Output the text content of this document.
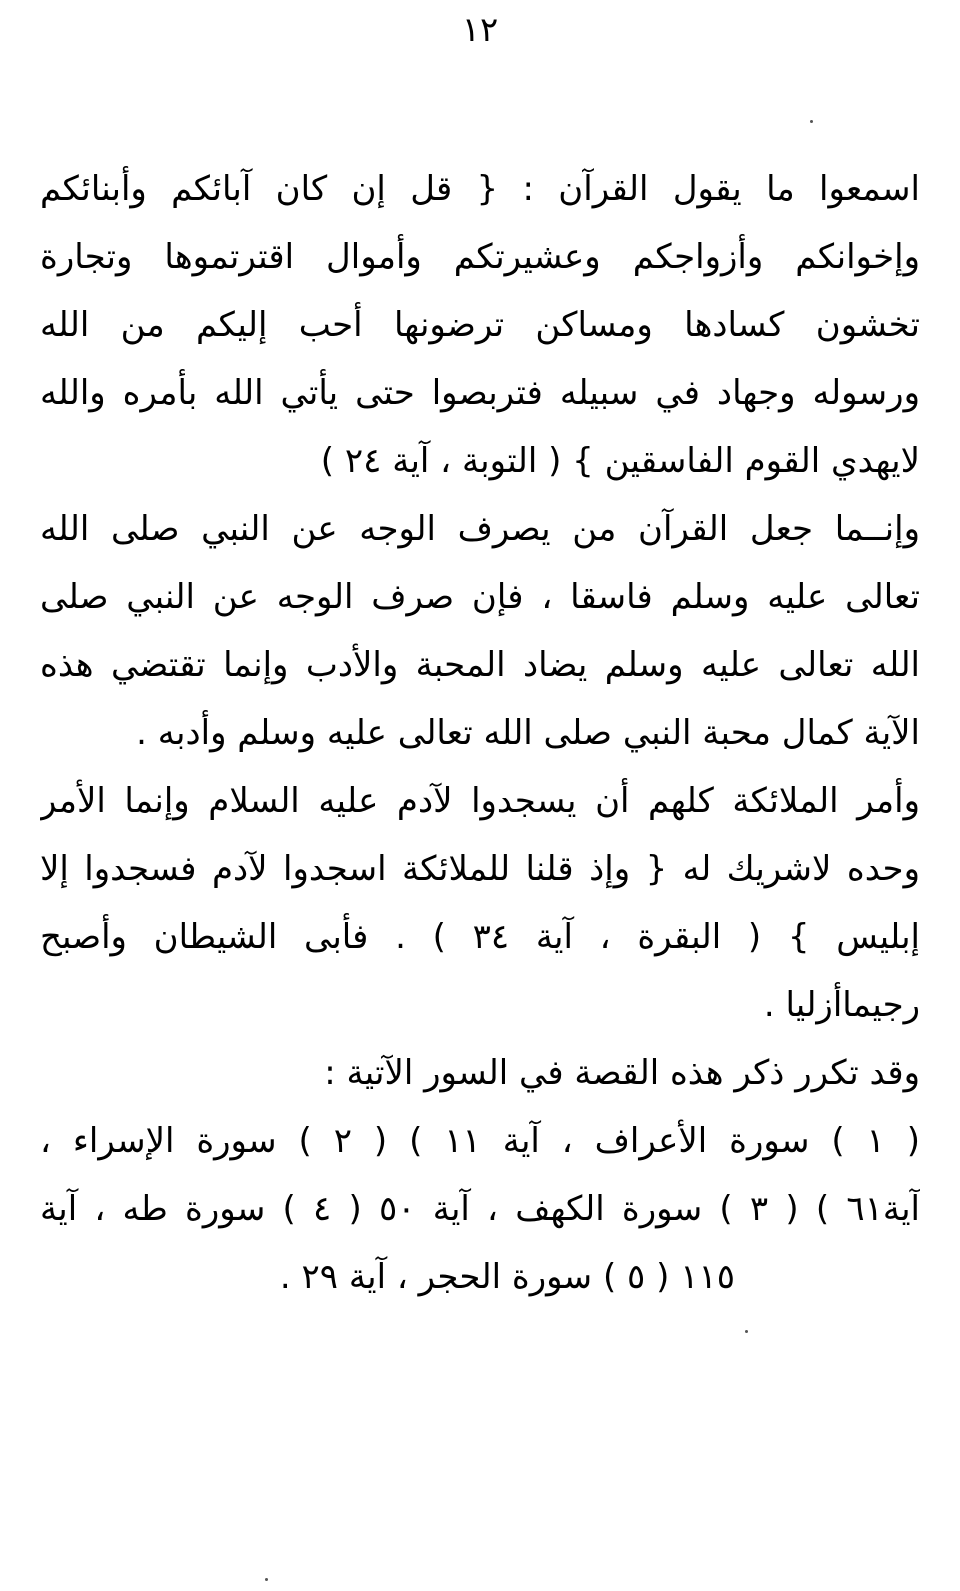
١٢
اسمعوا ما يقول القرآن : { قل إن كان آبائكم وأبنائكم
وإخوانكم وأزواجكم وعشيرتكم وأموال اقترتموها وتجارة
تخشون كسادها ومساكن ترضونها أحب إليكم من الله
ورسوله وجهاد في سبيله فتربصوا حتى يأتي الله بأمره والله
لايهدي القوم الفاسقين } ( التوبة ، آية ٢٤ )
وإنــما جعل القرآن من يصرف الوجه عن النبي صلى الله
تعالى عليه وسلم فاسقا ، فإن صرف الوجه عن النبي صلى
الله تعالى عليه وسلم يضاد المحبة والأدب وإنما تقتضي هذه
الآية كمال محبة النبي صلى الله تعالى عليه وسلم وأدبه .
وأمر الملائكة كلهم أن يسجدوا لآدم عليه السلام وإنما الأمر
وحده لاشريك له { وإذ قلنا للملائكة اسجدوا لآدم فسجدوا إلا
إبليس } ( البقرة ، آية ٣٤ ) . فأبى الشيطان وأصبح
رجيماأزليا .
وقد تكرر ذكر هذه القصة في السور الآتية :
( ١ ) سورة الأعراف ، آية ١١ ) ( ٢ ) سورة الإسراء ،
آية٦١ ) ( ٣ ) سورة الكهف ، آية ٥٠ ( ٤ ) سورة طه ، آية
١١٥ ( ٥ ) سورة الحجر ، آية ٢٩ .
